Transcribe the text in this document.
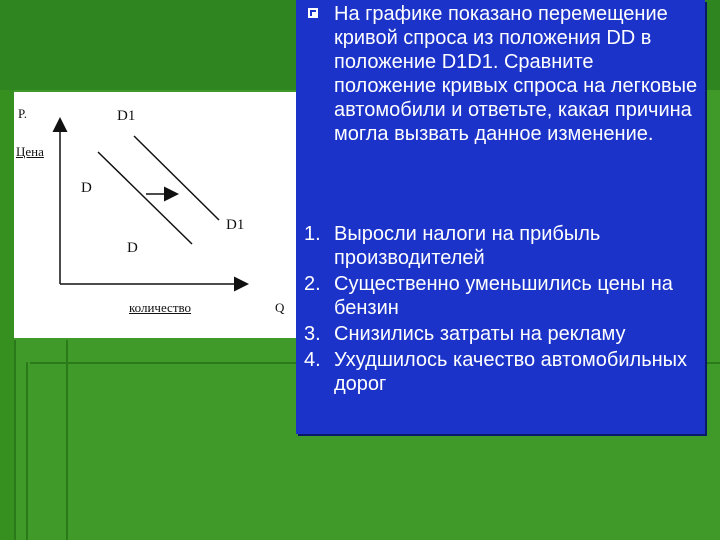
P.
Цена
D1
D
D1
D
количество	Q
На графике показано перемещение кривой спроса из положения DD в положение D1D1. Сравните положение кривых спроса на легковые автомобили и ответьте, какая причина могла вызвать данное изменение.
1. Выросли налоги на прибыль производителей
2. Существенно уменьшились цены на бензин
3. Снизились затраты на рекламу
4. Ухудшилось качество автомобильных дорог
